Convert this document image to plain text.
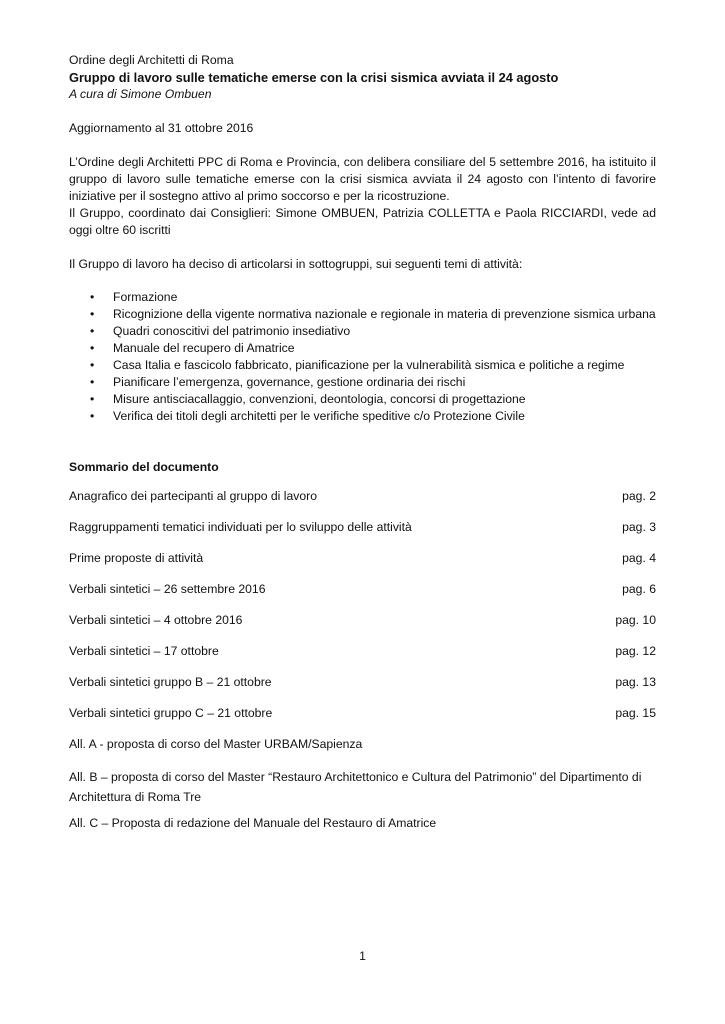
Ordine degli Architetti di Roma

Gruppo di lavoro sulle tematiche emerse con la crisi sismica avviata il 24 agosto

A cura di Simone Ombuen

Aggiornamento al 31 ottobre 2016

L’Ordine degli Architetti PPC di Roma e Provincia, con delibera consiliare del 5 settembre 2016, ha istituito il gruppo di lavoro sulle tematiche emerse con la crisi sismica avviata il 24 agosto con l’intento di favorire iniziative per il sostegno attivo al primo soccorso e per la ricostruzione.

Il Gruppo, coordinato dai Consiglieri: Simone OMBUEN, Patrizia COLLETTA e Paola RICCIARDI, vede ad oggi oltre 60 iscritti

Il Gruppo di lavoro ha deciso di articolarsi in sottogruppi, sui seguenti temi di attività:

• Formazione
• Ricognizione della vigente normativa nazionale e regionale in materia di prevenzione sismica urbana
• Quadri conoscitivi del patrimonio insediativo
• Manuale del recupero di Amatrice
• Casa Italia e fascicolo fabbricato, pianificazione per la vulnerabilità sismica e politiche a regime
• Pianificare l’emergenza, governance, gestione ordinaria dei rischi
• Misure antisciacallaggio, convenzioni, deontologia, concorsi di progettazione
• Verifica dei titoli degli architetti per le verifiche speditive c/o Protezione Civile

Sommario del documento

Anagrafico dei partecipanti al gruppo di lavoro	pag. 2
Raggruppamenti tematici individuati per lo sviluppo delle attività	pag. 3
Prime proposte di attività	pag. 4
Verbali sintetici – 26 settembre 2016	pag. 6
Verbali sintetici – 4 ottobre 2016	pag. 10
Verbali sintetici – 17 ottobre	pag. 12
Verbali sintetici gruppo B – 21 ottobre	pag. 13
Verbali sintetici gruppo C – 21 ottobre	pag. 15

All. A - proposta di corso del Master URBAM/Sapienza

All. B – proposta di corso del Master “Restauro Architettonico e Cultura del Patrimonio” del Dipartimento di Architettura di Roma Tre

All. C – Proposta di redazione del Manuale del Restauro di Amatrice

1
